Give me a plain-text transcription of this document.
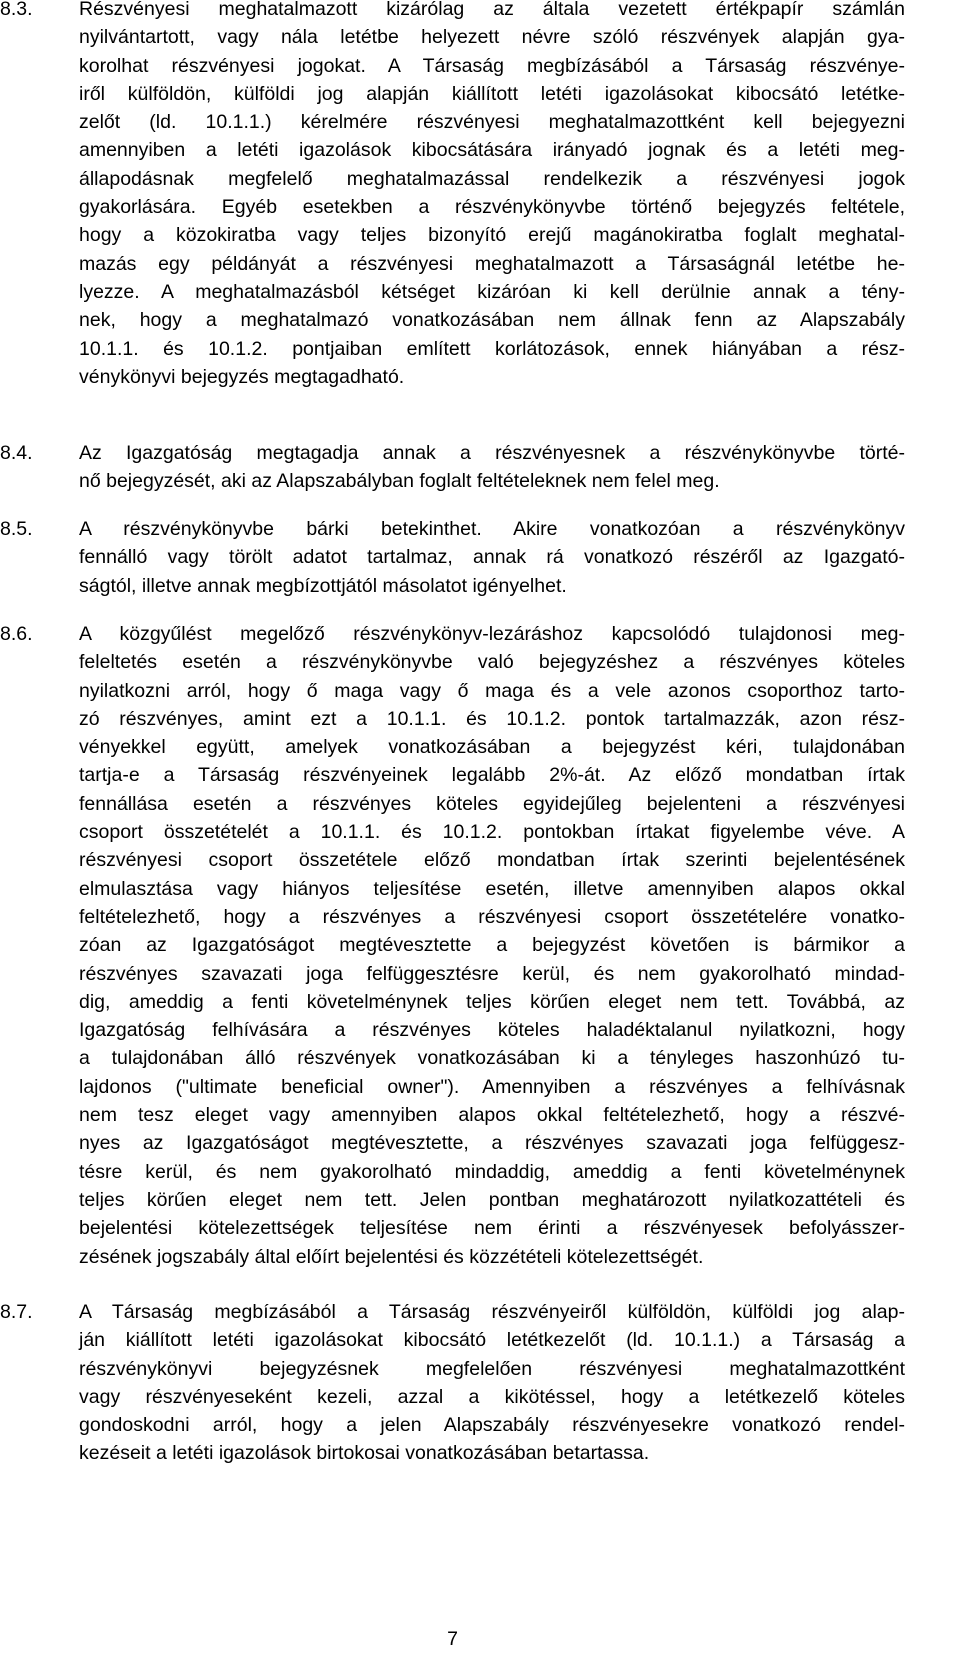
8.3. Részvényesi meghatalmazott kizárólag az általa vezetett értékpapír számlán
nyilvántartott, vagy nála letétbe helyezett névre szóló részvények alapján gya-
korolhat részvényesi jogokat. A Társaság megbízásából a Társaság részvénye-
iről külföldön, külföldi jog alapján kiállított letéti igazolásokat kibocsátó letétke-
zelőt (ld. 10.1.1.) kérelmére részvényesi meghatalmazottként kell bejegyezni
amennyiben a letéti igazolások kibocsátására irányadó jognak és a letéti meg-
állapodásnak megfelelő meghatalmazással rendelkezik a részvényesi jogok
gyakorlására. Egyéb esetekben a részvénykönyvbe történő bejegyzés feltétele,
hogy a közokiratba vagy teljes bizonyító erejű magánokiratba foglalt meghatal-
mazás egy példányát a részvényesi meghatalmazott a Társaságnál letétbe he-
lyezze. A meghatalmazásból kétséget kizáróan ki kell derülnie annak a tény-
nek, hogy a meghatalmazó vonatkozásában nem állnak fenn az Alapszabály
10.1.1. és 10.1.2. pontjaiban említett korlátozások, ennek hiányában a rész-
vénykönyvi bejegyzés megtagadható.
8.4. Az Igazgatóság megtagadja annak a részvényesnek a részvénykönyvbe törté-
nő bejegyzését, aki az Alapszabályban foglalt feltételeknek nem felel meg.
8.5. A részvénykönyvbe bárki betekinthet. Akire vonatkozóan a részvénykönyv
fennálló vagy törölt adatot tartalmaz, annak rá vonatkozó részéről az Igazgató-
ságtól, illetve annak megbízottjától másolatot igényelhet.
8.6. A közgyűlést megelőző részvénykönyv-lezáráshoz kapcsolódó tulajdonosi meg-
feleltetés esetén a részvénykönyvbe való bejegyzéshez a részvényes köteles
nyilatkozni arról, hogy ő maga vagy ő maga és a vele azonos csoporthoz tarto-
zó részvényes, amint ezt a 10.1.1. és 10.1.2. pontok tartalmazzák, azon rész-
vényekkel együtt, amelyek vonatkozásában a bejegyzést kéri, tulajdonában
tartja-e a Társaság részvényeinek legalább 2%-át. Az előző mondatban írtak
fennállása esetén a részvényes köteles egyidejűleg bejelenteni a részvényesi
csoport összetételét a 10.1.1. és 10.1.2. pontokban írtakat figyelembe véve. A
részvényesi csoport összetétele előző mondatban írtak szerinti bejelentésének
elmulasztása vagy hiányos teljesítése esetén, illetve amennyiben alapos okkal
feltételezhető, hogy a részvényes a részvényesi csoport összetételére vonatko-
zóan az Igazgatóságot megtévesztette a bejegyzést követően is bármikor a
részvényes szavazati joga felfüggesztésre kerül, és nem gyakorolható mindad-
dig, ameddig a fenti követelménynek teljes körűen eleget nem tett. Továbbá, az
Igazgatóság felhívására a részvényes köteles haladéktalanul nyilatkozni, hogy
a tulajdonában álló részvények vonatkozásában ki a tényleges haszonhúzó tu-
lajdonos ("ultimate beneficial owner"). Amennyiben a részvényes a felhívásnak
nem tesz eleget vagy amennyiben alapos okkal feltételezhető, hogy a részvé-
nyes az Igazgatóságot megtévesztette, a részvényes szavazati joga felfüggesz-
tésre kerül, és nem gyakorolható mindaddig, ameddig a fenti követelménynek
teljes körűen eleget nem tett. Jelen pontban meghatározott nyilatkozattételi és
bejelentési kötelezettségek teljesítése nem érinti a részvényesek befolyásszer-
zésének jogszabály által előírt bejelentési és közzétételi kötelezettségét.
8.7. A Társaság megbízásából a Társaság részvényeiről külföldön, külföldi jog alap-
ján kiállított letéti igazolásokat kibocsátó letétkezelőt (ld. 10.1.1.) a Társaság a
részvénykönyvi bejegyzésnek megfelelően részvényesi meghatalmazottként
vagy részvényeseként kezeli, azzal a kikötéssel, hogy a letétkezelő köteles
gondoskodni arról, hogy a jelen Alapszabály részvényesekre vonatkozó rendel-
kezéseit a letéti igazolások birtokosai vonatkozásában betartassa.
7
